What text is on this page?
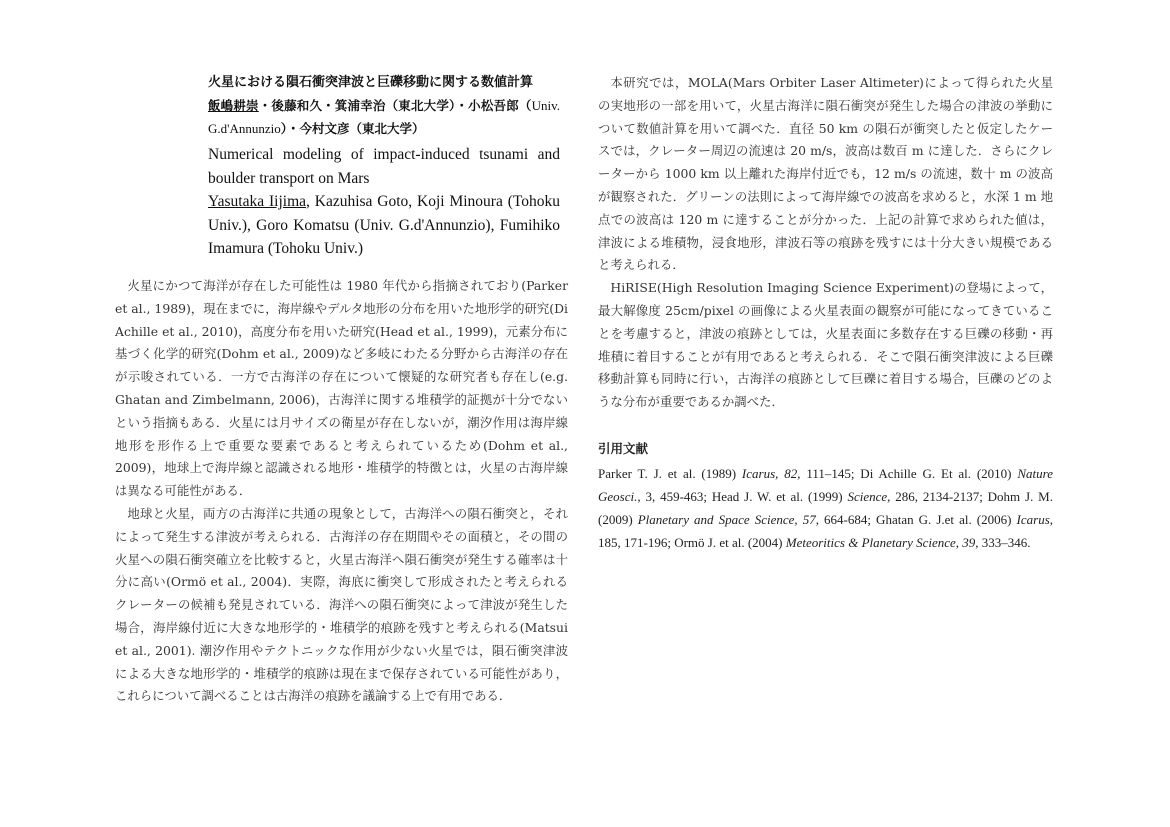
火星における隕石衝突津波と巨礫移動に関する数値計算
飯嶋耕崇・後藤和久・箕浦幸治（東北大学）・小松吾郎（Univ. G.d'Annunzio）・今村文彦（東北大学）
Numerical modeling of impact-induced tsunami and boulder transport on Mars
Yasutaka Iijima, Kazuhisa Goto, Koji Minoura (Tohoku Univ.), Goro Komatsu (Univ. G.d'Annunzio), Fumihiko Imamura (Tohoku Univ.)

火星にかつて海洋が存在した可能性は 1980 年代から指摘されており(Parker et al., 1989)，現在までに，海岸線やデルタ地形の分布を用いた地形学的研究(Di Achille et al., 2010)，高度分布を用いた研究(Head et al., 1999)，元素分布に基づく化学的研究(Dohm et al., 2009)など多岐にわたる分野から古海洋の存在が示唆されている．一方で古海洋の存在について懐疑的な研究者も存在し(e.g. Ghatan and Zimbelmann, 2006)，古海洋に関する堆積学的証拠が十分でないという指摘もある．火星には月サイズの衛星が存在しないが，潮汐作用は海岸線地形を形作る上で重要な要素であると考えられているため(Dohm et al., 2009)，地球上で海岸線と認識される地形・堆積学的特徴とは，火星の古海岸線は異なる可能性がある．

地球と火星，両方の古海洋に共通の現象として，古海洋への隕石衝突と，それによって発生する津波が考えられる．古海洋の存在期間やその面積と，その間の火星への隕石衝突確立を比較すると，火星古海洋へ隕石衝突が発生する確率は十分に高い(Ormö et al., 2004)．実際，海底に衝突して形成されたと考えられるクレーターの候補も発見されている．海洋への隕石衝突によって津波が発生した場合，海岸線付近に大きな地形学的・堆積学的痕跡を残すと考えられる(Matsui et al., 2001). 潮汐作用やテクトニックな作用が少ない火星では，隕石衝突津波による大きな地形学的・堆積学的痕跡は現在まで保存されている可能性があり，これらについて調べることは古海洋の痕跡を議論する上で有用である．

本研究では，MOLA(Mars Orbiter Laser Altimeter)によって得られた火星の実地形の一部を用いて，火星古海洋に隕石衝突が発生した場合の津波の挙動について数値計算を用いて調べた．直径 50 km の隕石が衝突したと仮定したケースでは，クレーター周辺の流速は 20 m/s，波高は数百 m に達した．さらにクレーターから 1000 km 以上離れた海岸付近でも，12 m/s の流速，数十 m の波高が観察された．グリーンの法則によって海岸線での波高を求めると，水深 1 m 地点での波高は 120 m に達することが分かった．上記の計算で求められた値は，津波による堆積物，浸食地形，津波石等の痕跡を残すには十分大きい規模であると考えられる．

HiRISE(High Resolution Imaging Science Experiment)の登場によって，最大解像度 25cm/pixel の画像による火星表面の観察が可能になってきていることを考慮すると，津波の痕跡としては，火星表面に多数存在する巨礫の移動・再堆積に着目することが有用であると考えられる．そこで隕石衝突津波による巨礫移動計算も同時に行い，古海洋の痕跡として巨礫に着目する場合，巨礫のどのような分布が重要であるか調べた．

引用文献
Parker T. J. et al. (1989) Icarus, 82, 111–145; Di Achille G. Et al. (2010) Nature Geosci., 3, 459-463; Head J. W. et al. (1999) Science, 286, 2134-2137; Dohm J. M. (2009) Planetary and Space Science, 57, 664-684; Ghatan G. J.et al. (2006) Icarus, 185, 171-196; Ormö J. et al. (2004) Meteoritics & Planetary Science, 39, 333–346.
